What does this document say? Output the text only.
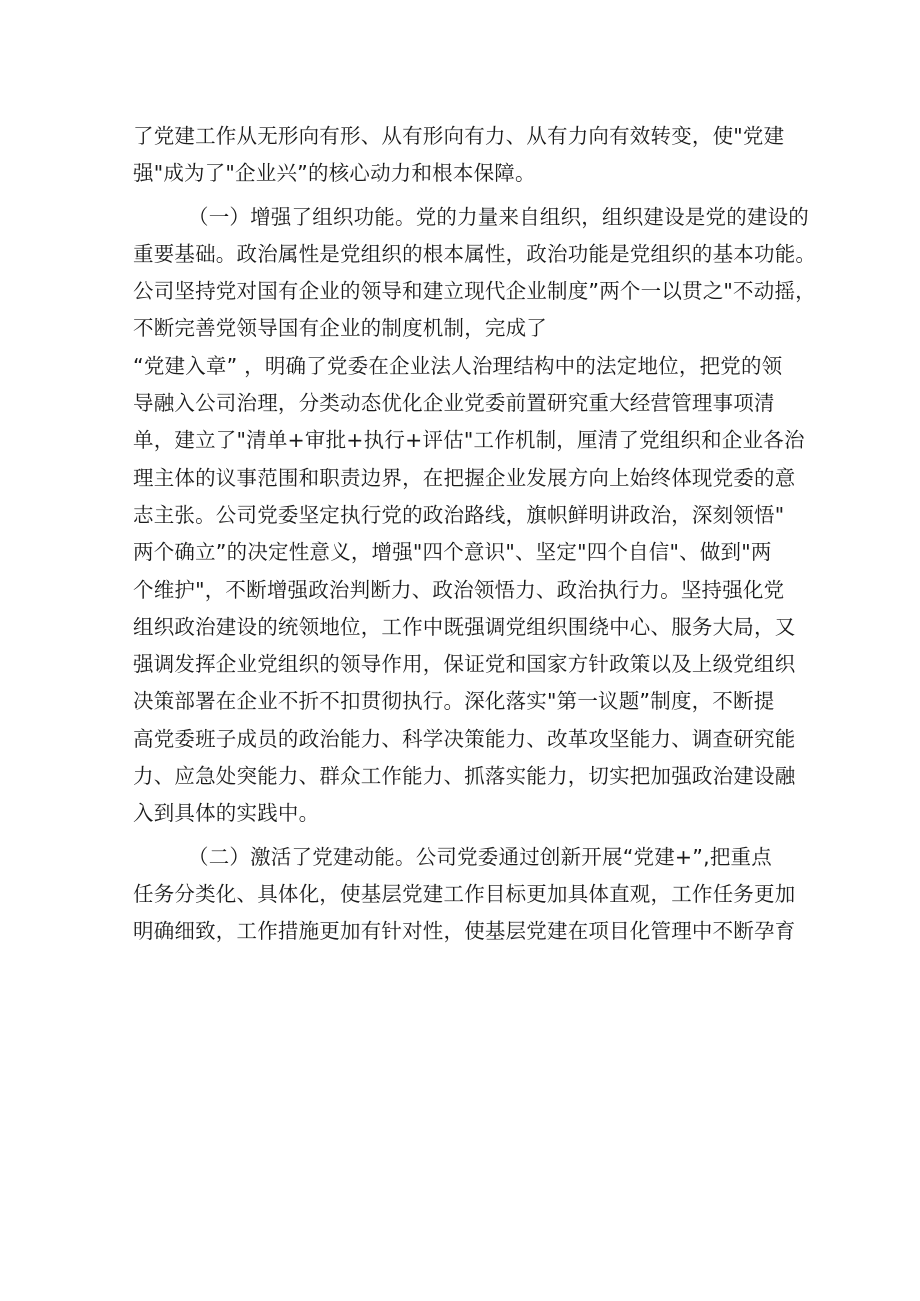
了党建工作从无形向有形、从有形向有力、从有力向有效转变，使"党建
强"成为了"企业兴”的核心动力和根本保障。
（一）增强了组织功能。党的力量来自组织，组织建设是党的建设的
重要基础。政治属性是党组织的根本属性，政治功能是党组织的基本功能。
公司坚持党对国有企业的领导和建立现代企业制度”两个一以贯之"不动摇，
不断完善党领导国有企业的制度机制，完成了
“党建入章” ，明确了党委在企业法人治理结构中的法定地位，把党的领
导融入公司治理，分类动态优化企业党委前置研究重大经营管理事项清
单，建立了"清单+审批+执行+评估"工作机制，厘清了党组织和企业各治
理主体的议事范围和职责边界，在把握企业发展方向上始终体现党委的意
志主张。公司党委坚定执行党的政治路线，旗帜鲜明讲政治，深刻领悟"
两个确立”的决定性意义，增强"四个意识"、坚定"四个自信"、做到"两
个维护"，不断增强政治判断力、政治领悟力、政治执行力。坚持强化党
组织政治建设的统领地位，工作中既强调党组织围绕中心、服务大局，又
强调发挥企业党组织的领导作用，保证党和国家方针政策以及上级党组织
决策部署在企业不折不扣贯彻执行。深化落实"第一议题”制度，不断提
高党委班子成员的政治能力、科学决策能力、改革攻坚能力、调查研究能
力、应急处突能力、群众工作能力、抓落实能力，切实把加强政治建设融
入到具体的实践中。
（二）激活了党建动能。公司党委通过创新开展“党建+”,把重点
任务分类化、具体化，使基层党建工作目标更加具体直观，工作任务更加
明确细致，工作措施更加有针对性，使基层党建在项目化管理中不断孕育
